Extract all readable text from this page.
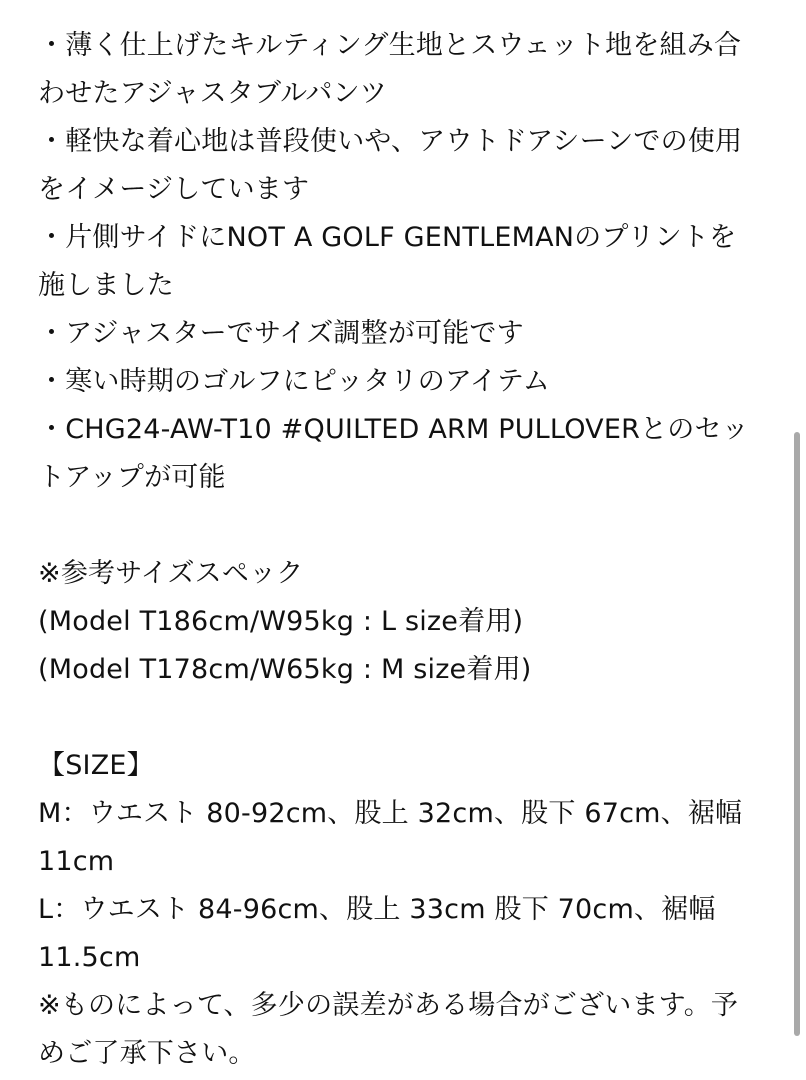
・薄く仕上げたキルティング生地とスウェット地を組み合わせたアジャスタブルパンツ

・軽快な着心地は普段使いや、アウトドアシーンでの使用をイメージしています

・片側サイドにNOT A GOLF GENTLEMANのプリントを施しました

・アジャスターでサイズ調整が可能です

・寒い時期のゴルフにピッタリのアイテム

・CHG24-AW-T10 #QUILTED ARM PULLOVERとのセットアップが可能

※参考サイズスペック

(Model T186cm/W95kg : L size着用)

(Model T178cm/W65kg : M size着用)

【SIZE】

M：ウエスト 80-92cm、股上 32cm、股下 67cm、裾幅 11cm

L：ウエスト 84-96cm、股上 33cm 股下 70cm、裾幅 11.5cm

※ものによって、多少の誤差がある場合がございます。予めご了承下さい。
